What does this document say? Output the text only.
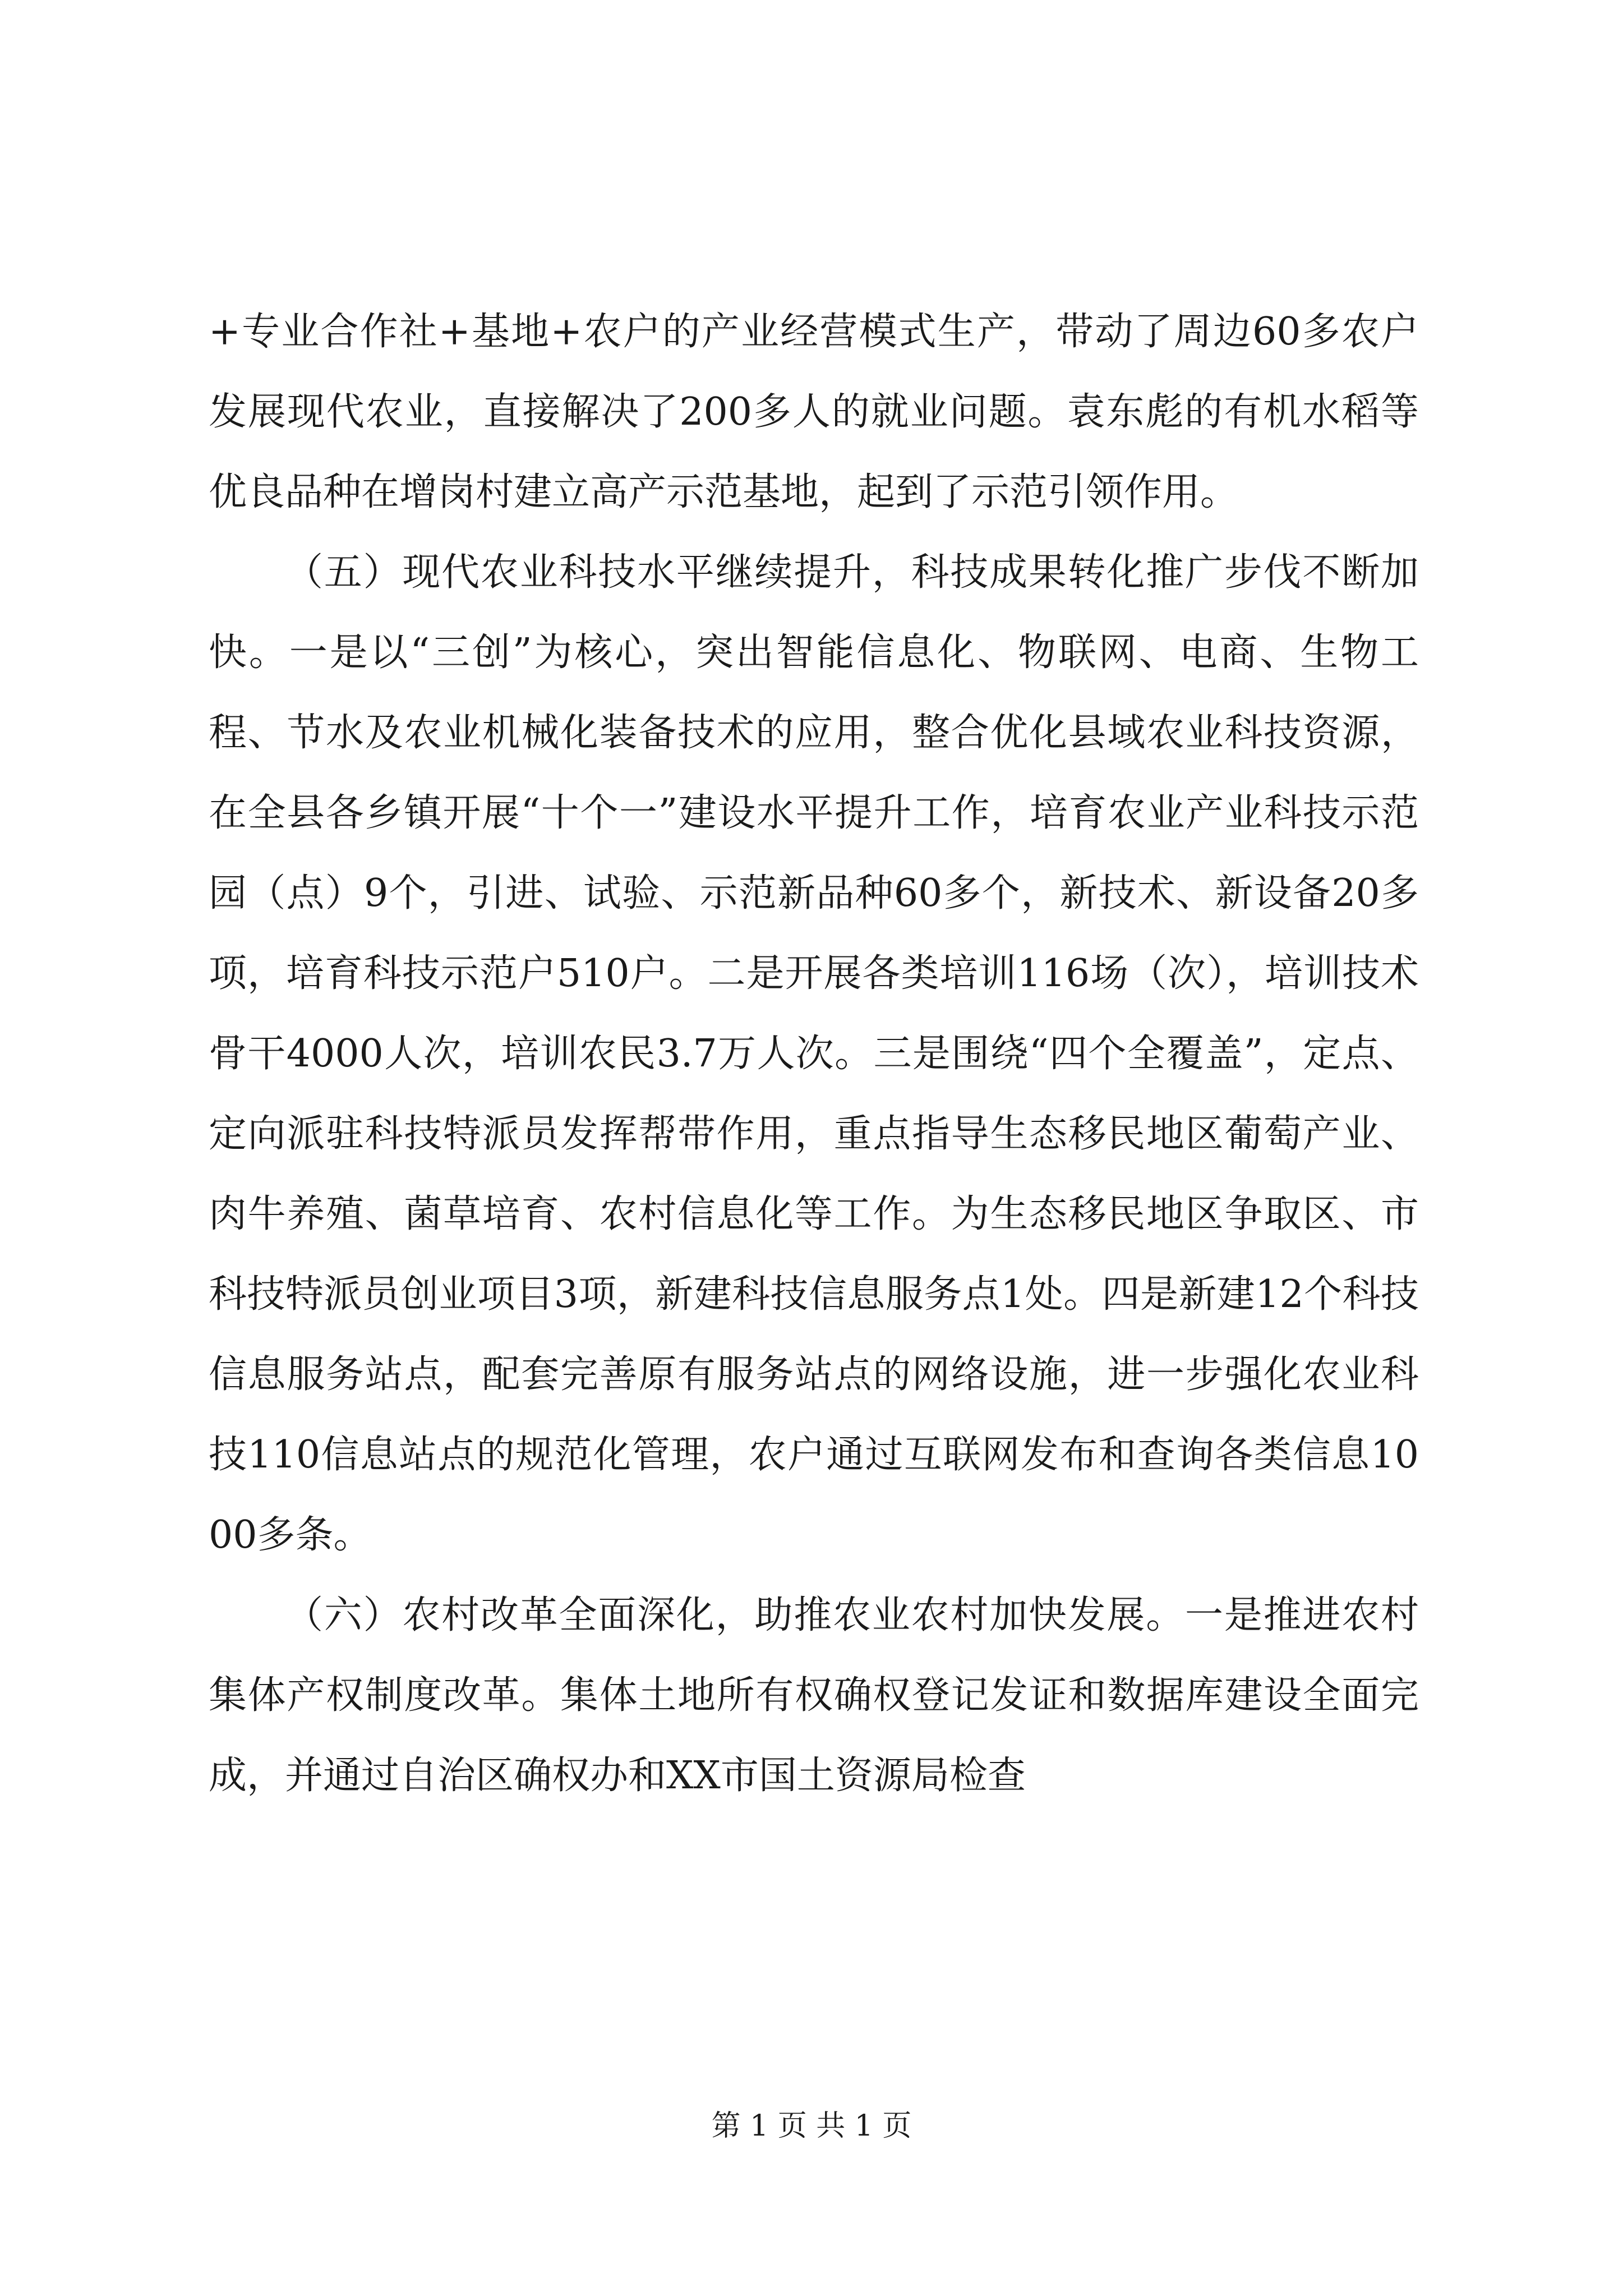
+专业合作社+基地+农户的产业经营模式生产，带动了周边60多农户发展现代农业，直接解决了200多人的就业问题。袁东彪的有机水稻等优良品种在增岗村建立高产示范基地，起到了示范引领作用。

（五）现代农业科技水平继续提升，科技成果转化推广步伐不断加快。一是以“三创”为核心，突出智能信息化、物联网、电商、生物工程、节水及农业机械化装备技术的应用，整合优化县域农业科技资源，在全县各乡镇开展“十个一”建设水平提升工作，培育农业产业科技示范园（点）9个，引进、试验、示范新品种60多个，新技术、新设备20多项，培育科技示范户510户。二是开展各类培训116场（次），培训技术骨干4000人次，培训农民3.7万人次。三是围绕“四个全覆盖”，定点、定向派驻科技特派员发挥帮带作用，重点指导生态移民地区葡萄产业、肉牛养殖、菌草培育、农村信息化等工作。为生态移民地区争取区、市科技特派员创业项目3项，新建科技信息服务点1处。四是新建12个科技信息服务站点，配套完善原有服务站点的网络设施，进一步强化农业科技110信息站点的规范化管理，农户通过互联网发布和查询各类信息1000多条。

（六）农村改革全面深化，助推农业农村加快发展。一是推进农村集体产权制度改革。集体土地所有权确权登记发证和数据库建设全面完成，并通过自治区确权办和XX市国土资源局检查

第 1 页 共 1 页
